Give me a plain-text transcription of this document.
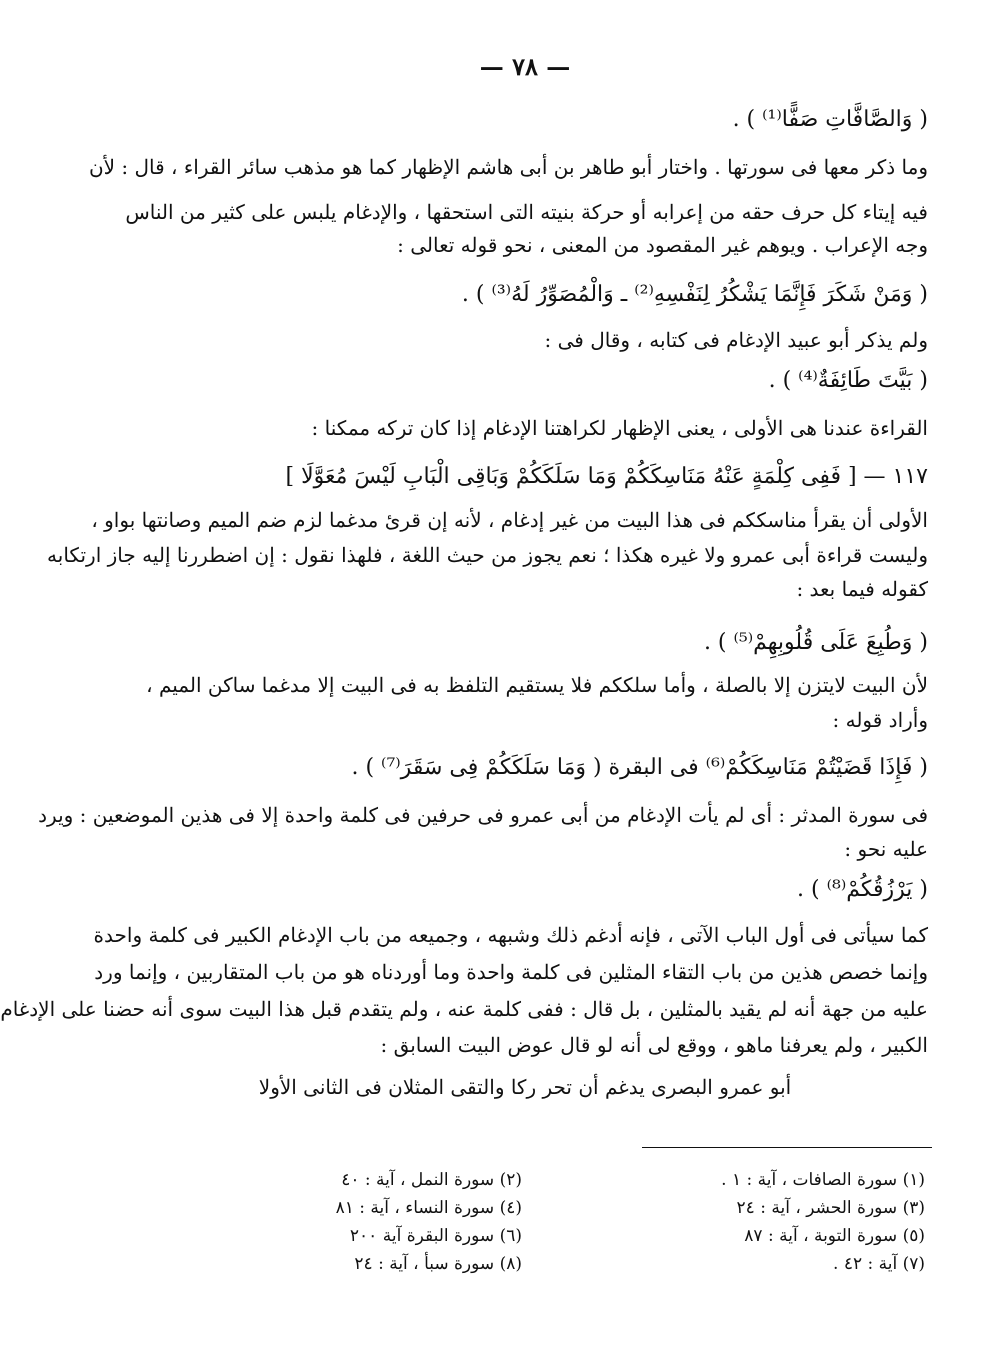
— ٧٨ —
( وَالصَّافَّاتِ صَفًّا⁽¹⁾ ) .
وما ذكر معها فى سورتها . واختار أبو طاهر بن أبى هاشم الإظهار كما هو مذهب سائر القراء ، قال : لأن
فيه إيتاء كل حرف حقه من إعرابه أو حركة بنيته التى استحقها ، والإدغام يلبس على كثير من الناس
وجه الإعراب . ويوهم غير المقصود من المعنى ، نحو قوله تعالى :
( وَمَنْ شَكَرَ فَإِنَّمَا يَشْكُرُ لِنَفْسِهِ⁽²⁾ ـ وَالْمُصَوِّرُ لَهُ⁽³⁾ ) .
ولم يذكر أبو عبيد الإدغام فى كتابه ، وقال فى :
( بَيَّتَ طَائِفَةٌ⁽⁴⁾ ) .
القراءة عندنا هى الأولى ، يعنى الإظهار لكراهتنا الإدغام إذا كان تركه ممكنا :
١١٧ — [ فَفِى كِلْمَةٍ عَنْهُ مَنَاسِكَكُمْ وَمَا سَلَكَكُمْ وَبَاقِى الْبَابِ لَيْسَ مُعَوَّلَا ]
الأولى أن يقرأ مناسككم فى هذا البيت من غير إدغام ، لأنه إن قرئ مدغما لزم ضم الميم وصانتها بواو ،
وليست قراءة أبى عمرو ولا غيره هكذا ؛ نعم يجوز من حيث اللغة ، فلهذا نقول : إن اضطررنا إليه جاز ارتكابه
كقوله فيما بعد :
( وَطُبِعَ عَلَى قُلُوبِهِمْ⁽⁵⁾ ) .
لأن البيت لايتزن إلا بالصلة ، وأما سلككم فلا يستقيم التلفظ به فى البيت إلا مدغما ساكن الميم ،
وأراد قوله :
( فَإِذَا قَضَيْتُمْ مَنَاسِكَكُمْ⁽⁶⁾ فى البقرة ( وَمَا سَلَكَكُمْ فِى سَقَرَ⁽⁷⁾ ) .
فى سورة المدثر : أى لم يأت الإدغام من أبى عمرو فى حرفين فى كلمة واحدة إلا فى هذين الموضعين : ويرد
عليه نحو :
( يَرْزُقُكُمْ⁽⁸⁾ ) .
كما سيأتى فى أول الباب الآتى ، فإنه أدغم ذلك وشبهه ، وجميعه من باب الإدغام الكبير فى كلمة واحدة
وإنما خصص هذين من باب التقاء المثلين فى كلمة واحدة وما أوردناه هو من باب المتقاربين ، وإنما ورد
عليه من جهة أنه لم يقيد بالمثلين ، بل قال : ففى كلمة عنه ، ولم يتقدم قبل هذا البيت سوى أنه حضنا على الإدغام
الكبير ، ولم يعرفنا ماهو ، ووقع لى أنه لو قال عوض البيت السابق :
أبو عمرو البصرى يدغم أن تحر ركا والتقى المثلان فى الثانى الأولا
(١) سورة الصافات ، آية : ١ .
(٣) سورة الحشر ، آية : ٢٤
(٥) سورة التوبة ، آية : ٨٧
(٧) آية : ٤٢ .
(٢) سورة النمل ، آية : ٤٠
(٤) سورة النساء ، آية : ٨١
(٦) سورة البقرة آية ٢٠٠
(٨) سورة سبأ ، آية : ٢٤
